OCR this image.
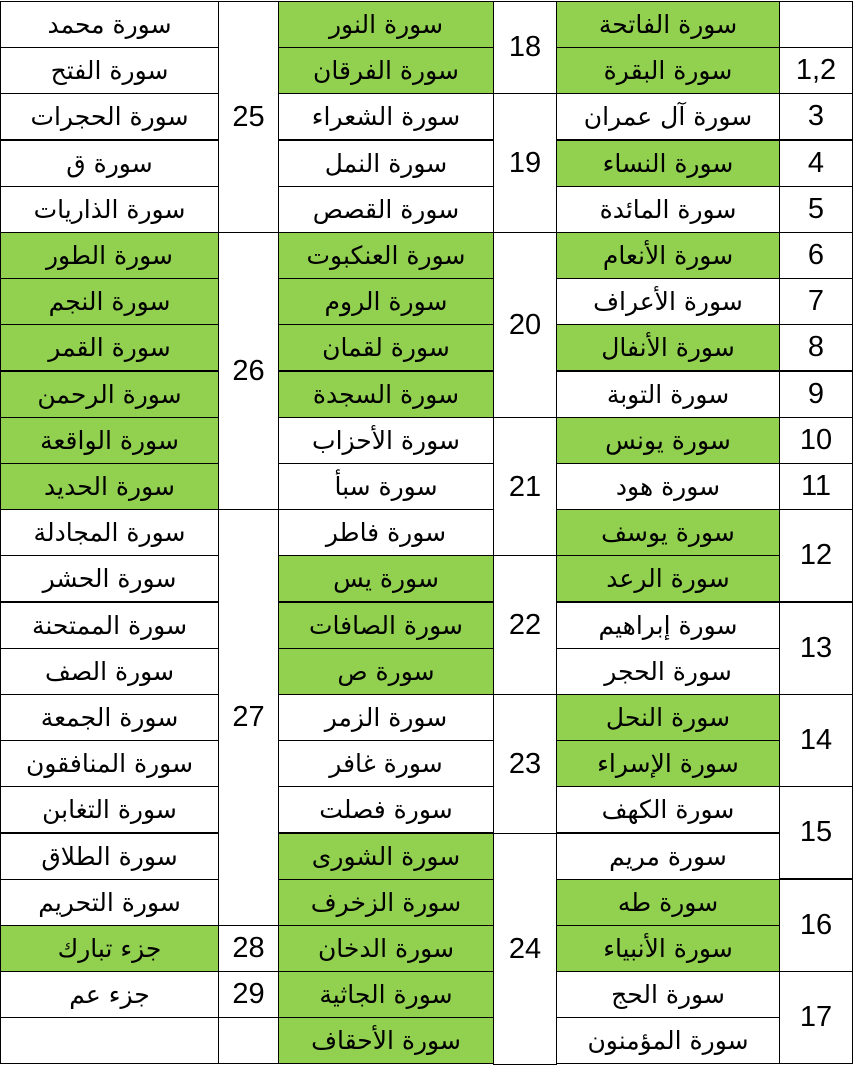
1,2
3
4
5
6
7
8
9
10
11
12
13
14
15
16
17
سورة الفاتحة
سورة البقرة
سورة آل عمران
سورة النساء
سورة المائدة
سورة الأنعام
سورة الأعراف
سورة الأنفال
سورة التوبة
سورة يونس
سورة هود
سورة يوسف
سورة الرعد
سورة إبراهيم
سورة الحجر
سورة النحل
سورة الإسراء
سورة الكهف
سورة مريم
سورة طه
سورة الأنبياء
سورة الحج
سورة المؤمنون
18
19
20
21
22
23
24
سورة النور
سورة الفرقان
سورة الشعراء
سورة النمل
سورة القصص
سورة العنكبوت
سورة الروم
سورة لقمان
سورة السجدة
سورة الأحزاب
سورة سبأ
سورة فاطر
سورة يس
سورة الصافات
سورة ص
سورة الزمر
سورة غافر
سورة فصلت
سورة الشورى
سورة الزخرف
سورة الدخان
سورة الجاثية
سورة الأحقاف
25
26
27
28
29
سورة محمد
سورة الفتح
سورة الحجرات
سورة ق
سورة الذاريات
سورة الطور
سورة النجم
سورة القمر
سورة الرحمن
سورة الواقعة
سورة الحديد
سورة المجادلة
سورة الحشر
سورة الممتحنة
سورة الصف
سورة الجمعة
سورة المنافقون
سورة التغابن
سورة الطلاق
سورة التحريم
جزء تبارك
جزء عم
